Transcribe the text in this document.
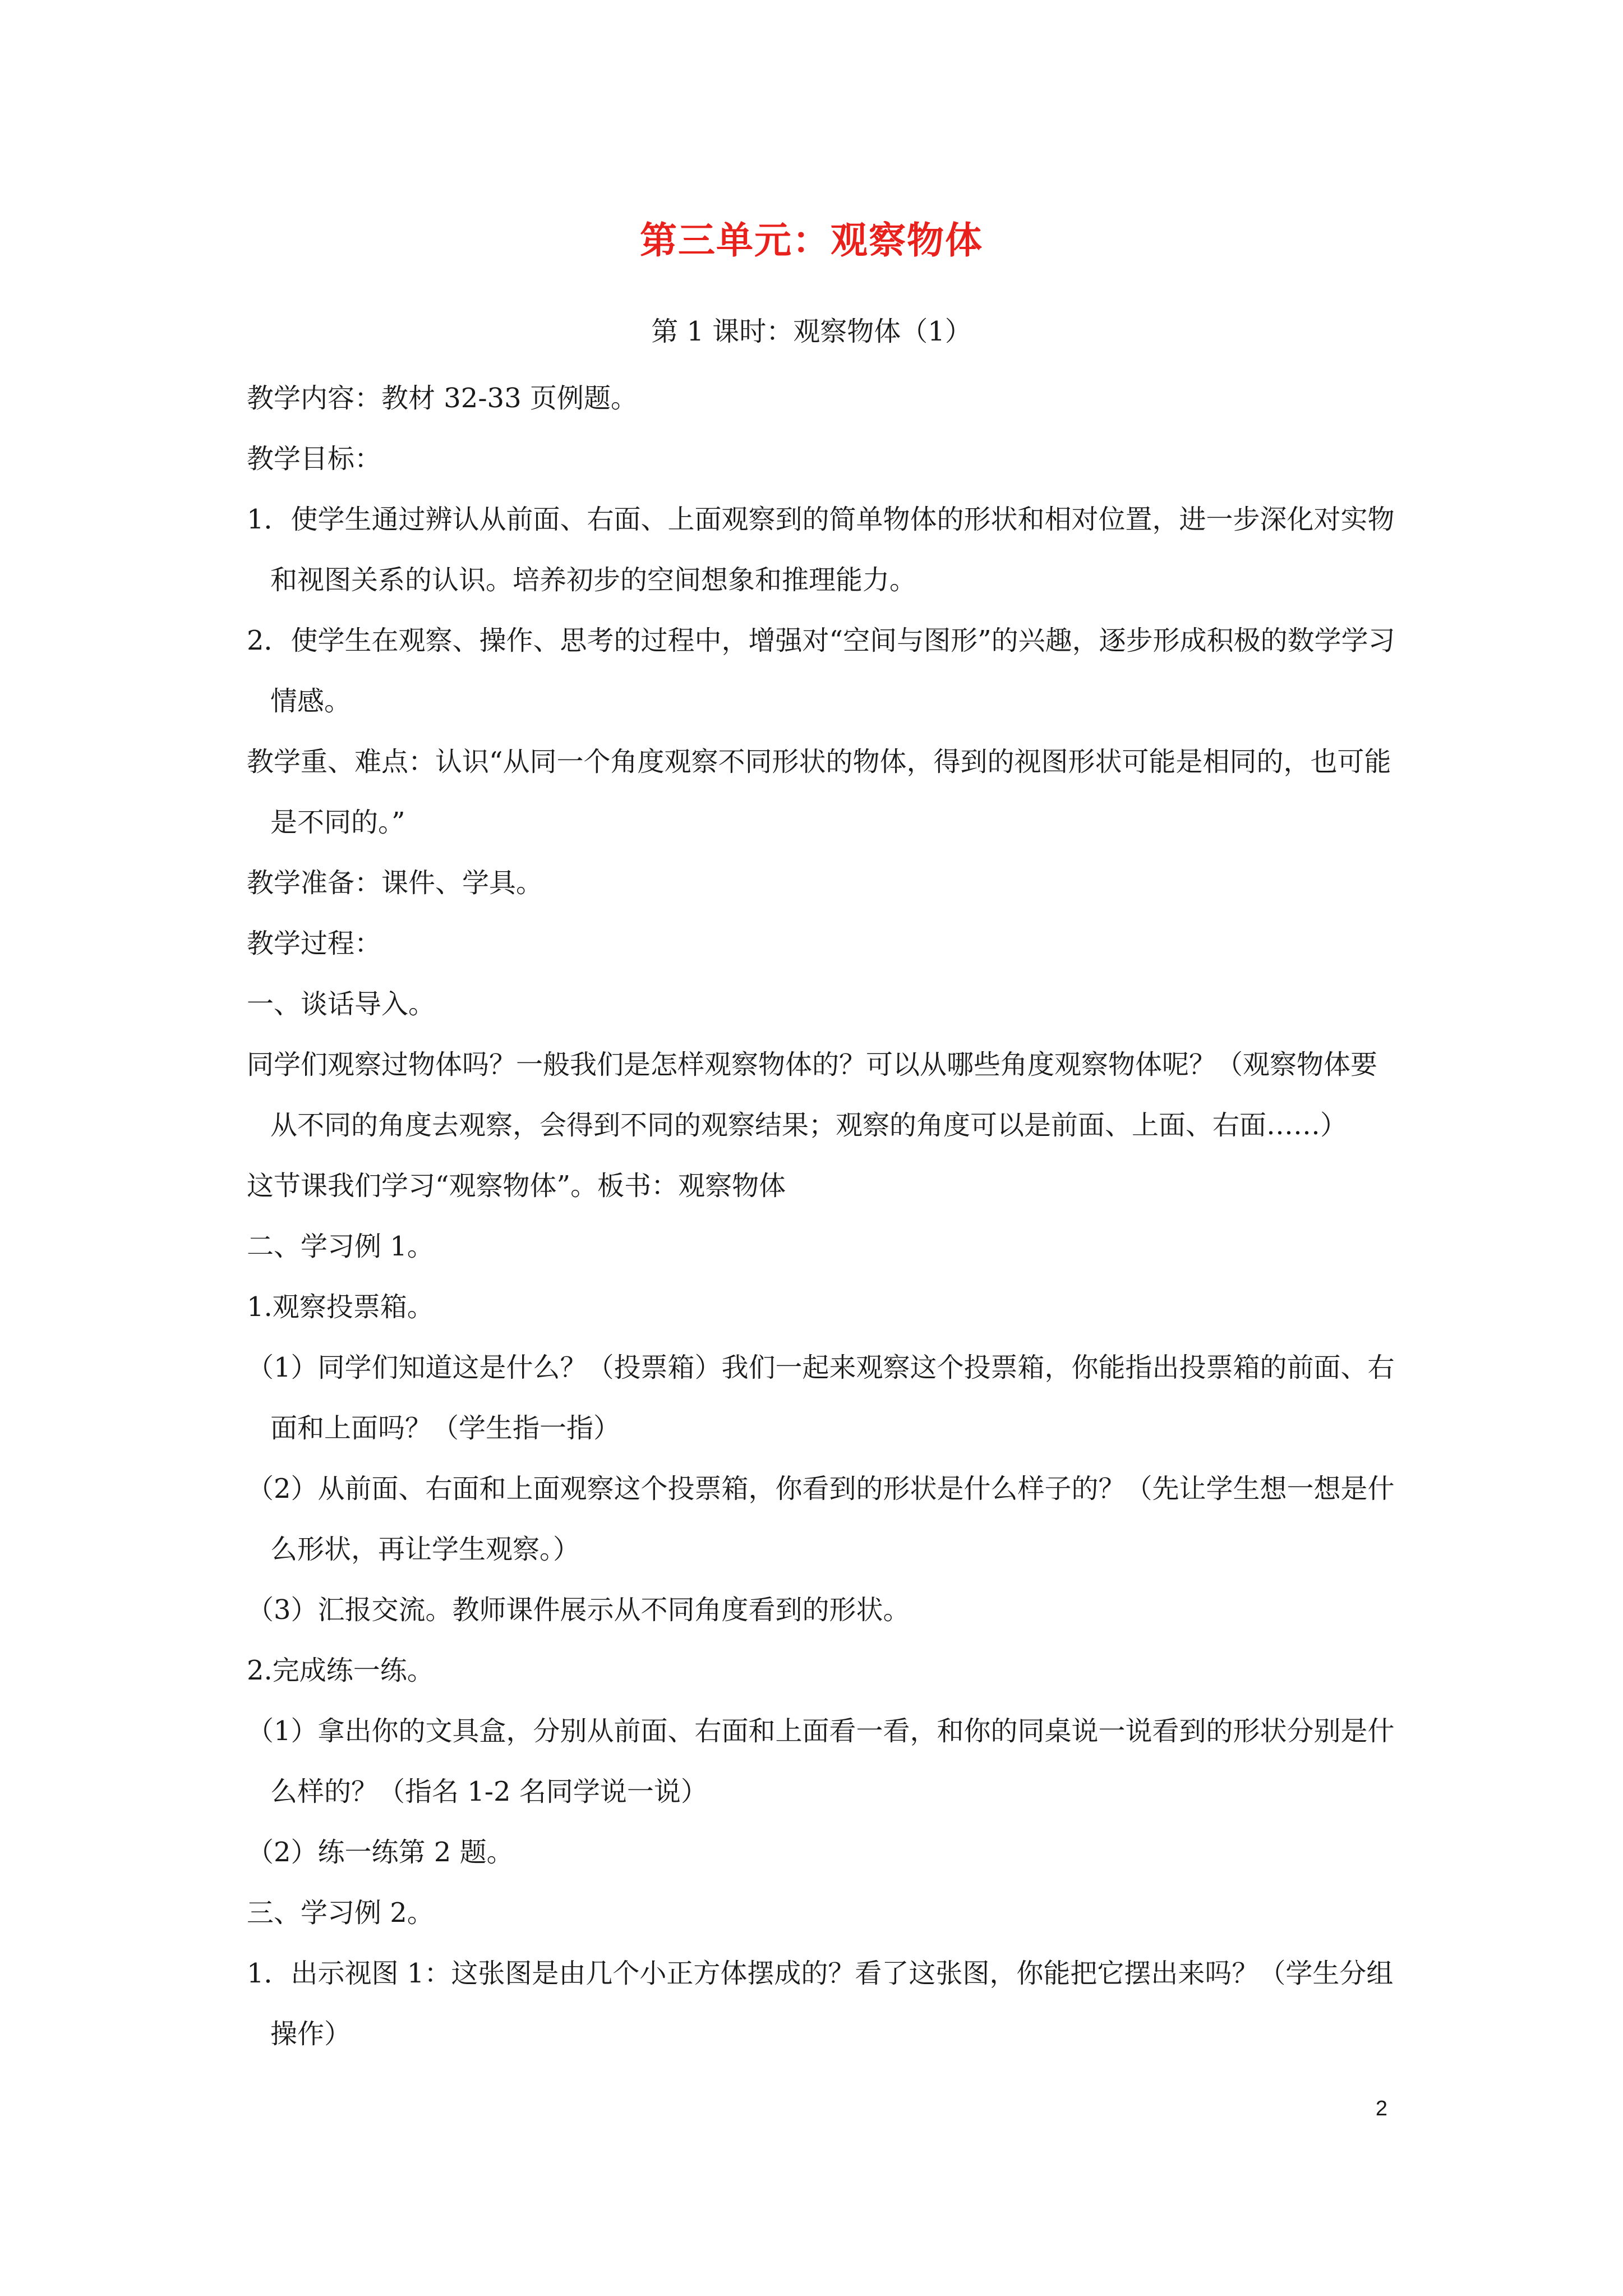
第三单元：观察物体
第 1 课时：观察物体（1）

教学内容：教材 32-33 页例题。

教学目标：

1．使学生通过辨认从前面、右面、上面观察到的简单物体的形状和相对位置，进一步深化对实物和视图关系的认识。培养初步的空间想象和推理能力。

2．使学生在观察、操作、思考的过程中，增强对“空间与图形”的兴趣，逐步形成积极的数学学习情感。

教学重、难点：认识“从同一个角度观察不同形状的物体，得到的视图形状可能是相同的，也可能是不同的。”

教学准备：课件、学具。

教学过程：

一、谈话导入。

同学们观察过物体吗？一般我们是怎样观察物体的？可以从哪些角度观察物体呢？（观察物体要从不同的角度去观察，会得到不同的观察结果；观察的角度可以是前面、上面、右面……）

这节课我们学习“观察物体”。板书：观察物体

二、学习例 1。

1.观察投票箱。

（1）同学们知道这是什么？（投票箱）我们一起来观察这个投票箱，你能指出投票箱的前面、右面和上面吗？（学生指一指）

（2）从前面、右面和上面观察这个投票箱，你看到的形状是什么样子的？（先让学生想一想是什么形状，再让学生观察。）

（3）汇报交流。教师课件展示从不同角度看到的形状。

2.完成练一练。

（1）拿出你的文具盒，分别从前面、右面和上面看一看，和你的同桌说一说看到的形状分别是什么样的？（指名 1-2 名同学说一说）

（2）练一练第 2 题。

三、学习例 2。

1．出示视图 1：这张图是由几个小正方体摆成的？看了这张图，你能把它摆出来吗？（学生分组操作）

2
